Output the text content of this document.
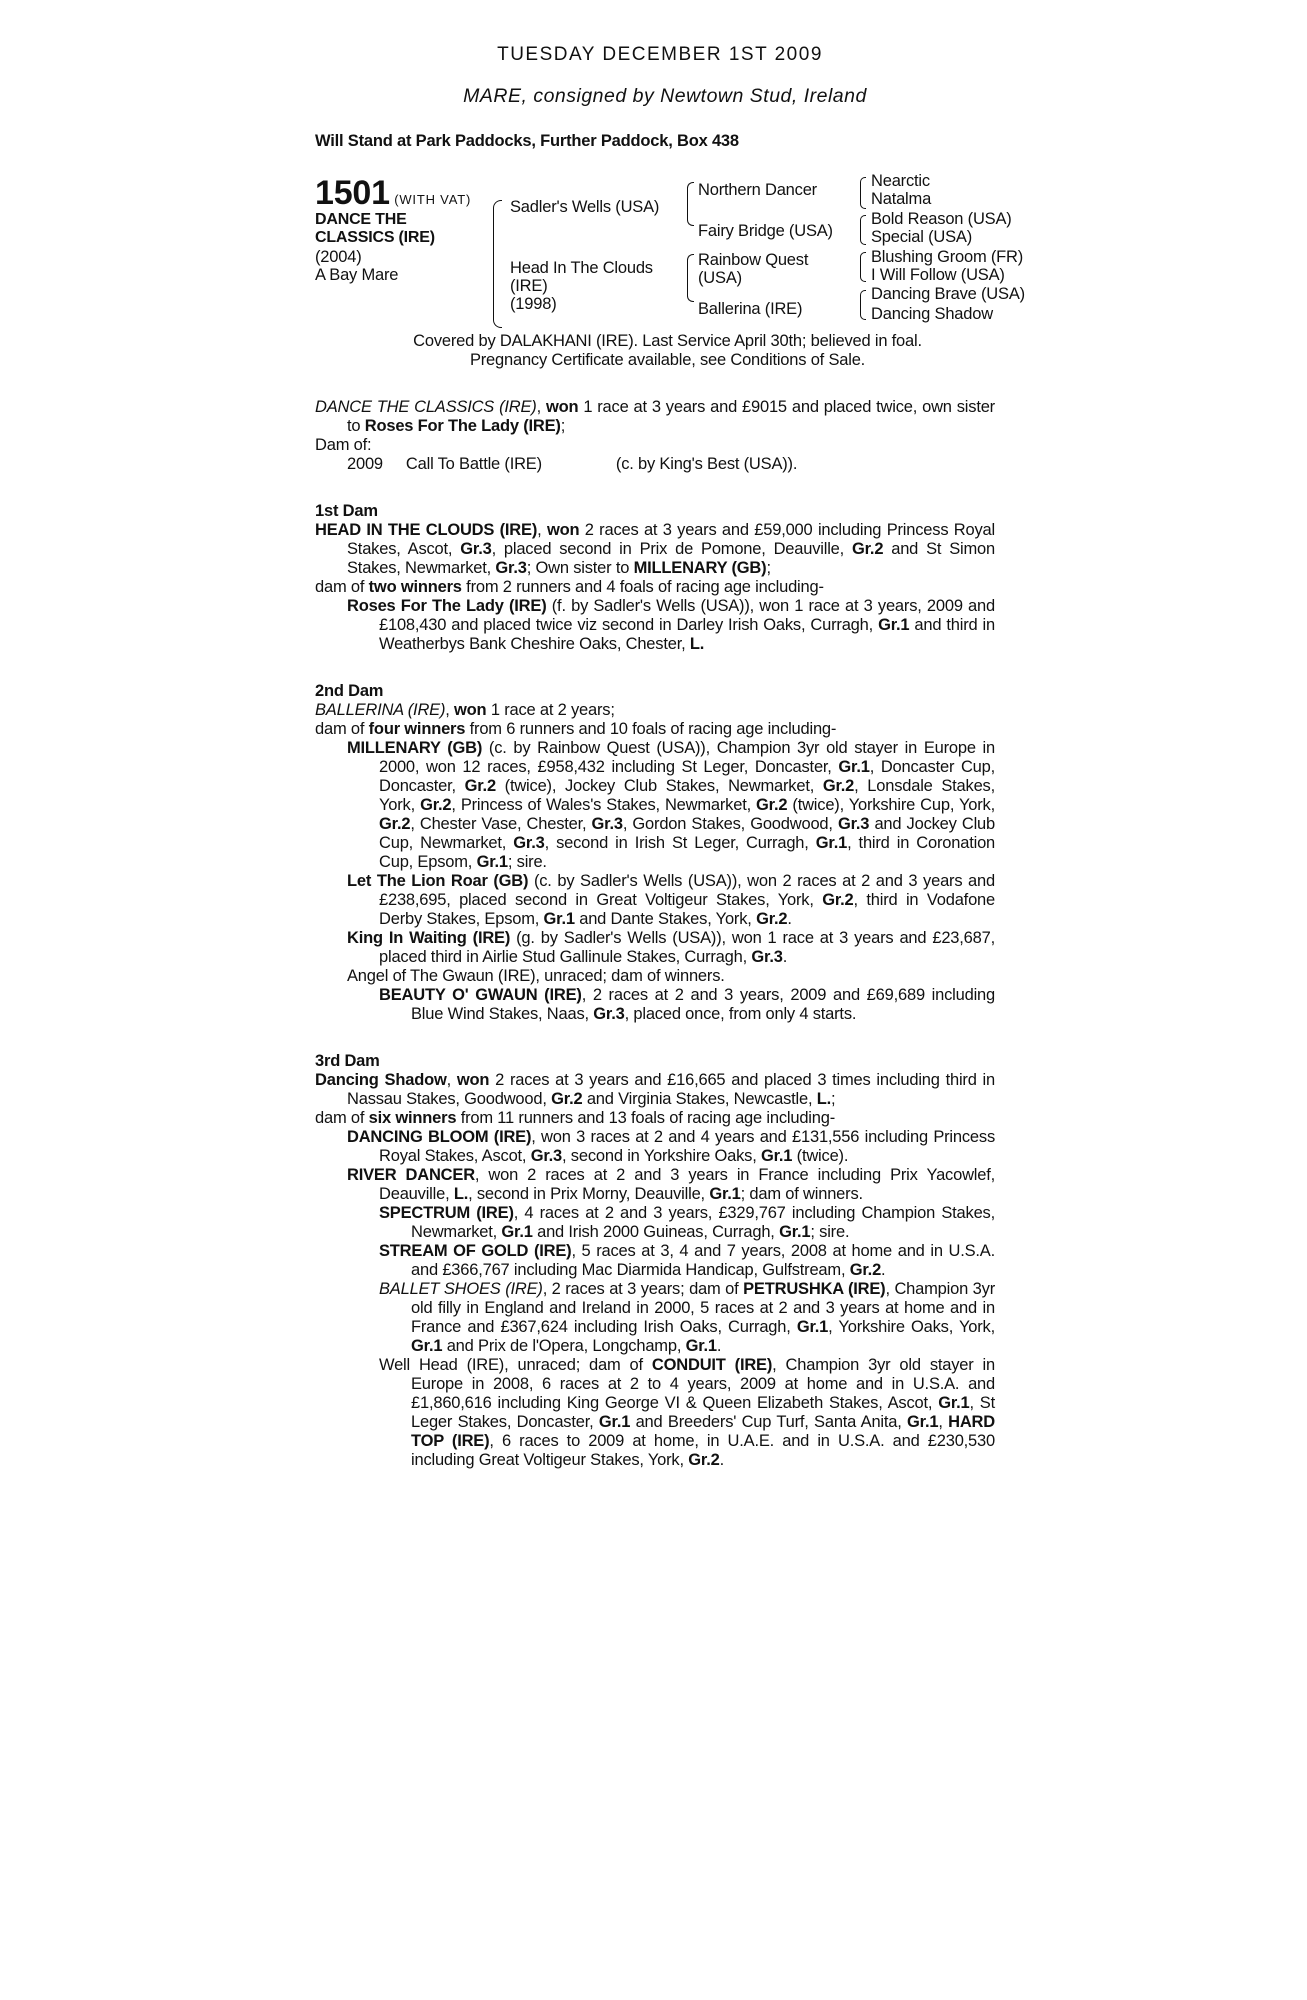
TUESDAY DECEMBER 1ST 2009
MARE, consigned by Newtown Stud, Ireland
Will Stand at Park Paddocks, Further Paddock, Box 438
1501 (WITH VAT)
DANCE THE
CLASSICS (IRE)
(2004)
A Bay Mare
Sadler's Wells (USA)
Head In The Clouds
(IRE)
(1998)
Northern Dancer
Fairy Bridge (USA)
Rainbow Quest
(USA)
Ballerina (IRE)
Nearctic
Natalma
Bold Reason (USA)
Special (USA)
Blushing Groom (FR)
I Will Follow (USA)
Dancing Brave (USA)
Dancing Shadow
Covered by DALAKHANI (IRE). Last Service April 30th; believed in foal.
Pregnancy Certificate available, see Conditions of Sale.

DANCE THE CLASSICS (IRE), won 1 race at 3 years and £9015 and placed twice, own sister to Roses For The Lady (IRE);

Dam of:

2009 Call To Battle (IRE)	(c. by King's Best (USA)).

1st Dam

HEAD IN THE CLOUDS (IRE), won 2 races at 3 years and £59,000 including Princess Royal Stakes, Ascot, Gr.3, placed second in Prix de Pomone, Deauville, Gr.2 and St Simon Stakes, Newmarket, Gr.3; Own sister to MILLENARY (GB);

dam of two winners from 2 runners and 4 foals of racing age including-

Roses For The Lady (IRE) (f. by Sadler's Wells (USA)), won 1 race at 3 years, 2009 and £108,430 and placed twice viz second in Darley Irish Oaks, Curragh, Gr.1 and third in Weatherbys Bank Cheshire Oaks, Chester, L.

2nd Dam

BALLERINA (IRE), won 1 race at 2 years;

dam of four winners from 6 runners and 10 foals of racing age including-

MILLENARY (GB) (c. by Rainbow Quest (USA)), Champion 3yr old stayer in Europe in 2000, won 12 races, £958,432 including St Leger, Doncaster, Gr.1, Doncaster Cup, Doncaster, Gr.2 (twice), Jockey Club Stakes, Newmarket, Gr.2, Lonsdale Stakes, York, Gr.2, Princess of Wales's Stakes, Newmarket, Gr.2 (twice), Yorkshire Cup, York, Gr.2, Chester Vase, Chester, Gr.3, Gordon Stakes, Goodwood, Gr.3 and Jockey Club Cup, Newmarket, Gr.3, second in Irish St Leger, Curragh, Gr.1, third in Coronation Cup, Epsom, Gr.1; sire.

Let The Lion Roar (GB) (c. by Sadler's Wells (USA)), won 2 races at 2 and 3 years and £238,695, placed second in Great Voltigeur Stakes, York, Gr.2, third in Vodafone Derby Stakes, Epsom, Gr.1 and Dante Stakes, York, Gr.2.

King In Waiting (IRE) (g. by Sadler's Wells (USA)), won 1 race at 3 years and £23,687, placed third in Airlie Stud Gallinule Stakes, Curragh, Gr.3.

Angel of The Gwaun (IRE), unraced; dam of winners.

BEAUTY O' GWAUN (IRE), 2 races at 2 and 3 years, 2009 and £69,689 including Blue Wind Stakes, Naas, Gr.3, placed once, from only 4 starts.

3rd Dam

Dancing Shadow, won 2 races at 3 years and £16,665 and placed 3 times including third in Nassau Stakes, Goodwood, Gr.2 and Virginia Stakes, Newcastle, L.;

dam of six winners from 11 runners and 13 foals of racing age including-

DANCING BLOOM (IRE), won 3 races at 2 and 4 years and £131,556 including Princess Royal Stakes, Ascot, Gr.3, second in Yorkshire Oaks, Gr.1 (twice).

RIVER DANCER, won 2 races at 2 and 3 years in France including Prix Yacowlef, Deauville, L., second in Prix Morny, Deauville, Gr.1; dam of winners.

SPECTRUM (IRE), 4 races at 2 and 3 years, £329,767 including Champion Stakes, Newmarket, Gr.1 and Irish 2000 Guineas, Curragh, Gr.1; sire.

STREAM OF GOLD (IRE), 5 races at 3, 4 and 7 years, 2008 at home and in U.S.A. and £366,767 including Mac Diarmida Handicap, Gulfstream, Gr.2.

BALLET SHOES (IRE), 2 races at 3 years; dam of PETRUSHKA (IRE), Champion 3yr old filly in England and Ireland in 2000, 5 races at 2 and 3 years at home and in France and £367,624 including Irish Oaks, Curragh, Gr.1, Yorkshire Oaks, York, Gr.1 and Prix de l'Opera, Longchamp, Gr.1.

Well Head (IRE), unraced; dam of CONDUIT (IRE), Champion 3yr old stayer in Europe in 2008, 6 races at 2 to 4 years, 2009 at home and in U.S.A. and £1,860,616 including King George VI & Queen Elizabeth Stakes, Ascot, Gr.1, St Leger Stakes, Doncaster, Gr.1 and Breeders' Cup Turf, Santa Anita, Gr.1, HARD TOP (IRE), 6 races to 2009 at home, in U.A.E. and in U.S.A. and £230,530 including Great Voltigeur Stakes, York, Gr.2.
